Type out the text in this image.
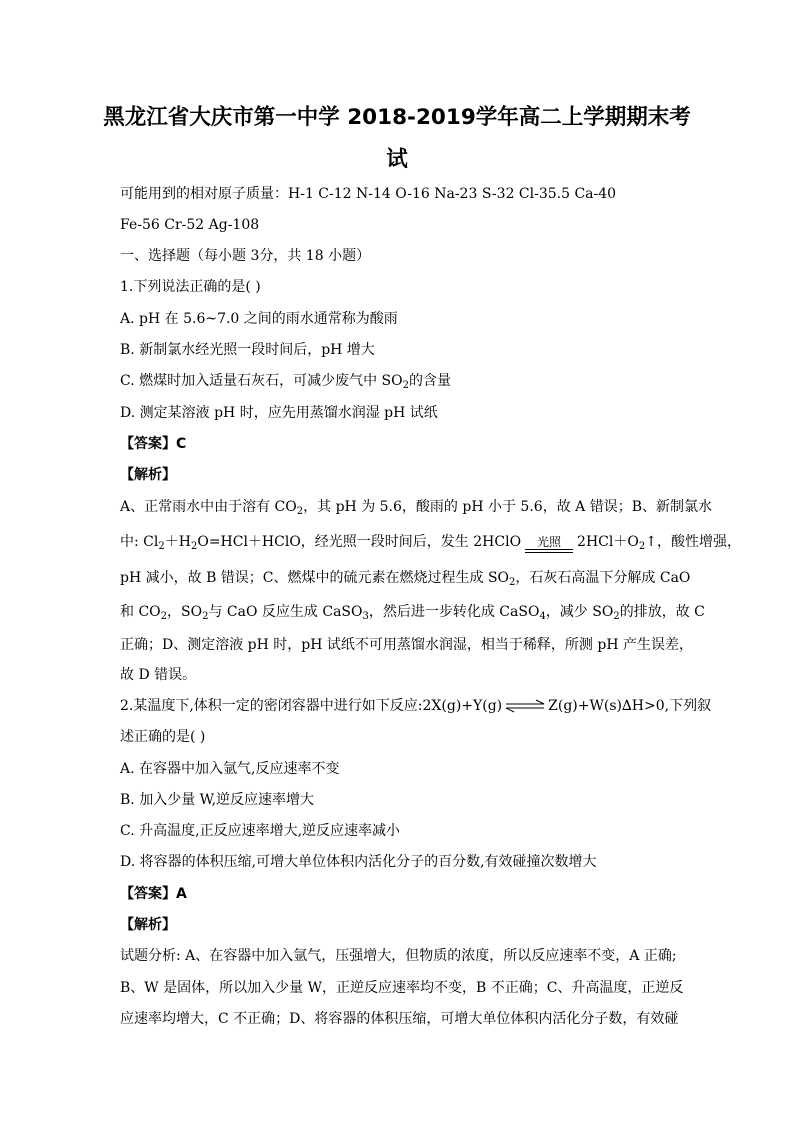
黑龙江省大庆市第一中学 2018-2019学年高二上学期期末考
试
可能用到的相对原子质量：H-1 C-12 N-14 O-16 Na-23 S-32 Cl-35.5 Ca-40
Fe-56 Cr-52 Ag-108
一、选择题（每小题 3分，共 18 小题）
1.下列说法正确的是( )
A. pH 在 5.6~7.0 之间的雨水通常称为酸雨
B. 新制氯水经光照一段时间后，pH 增大
C. 燃煤时加入适量石灰石，可减少废气中 $SO_2$的含量
D. 测定某溶液 pH 时，应先用蒸馏水润湿 pH 试纸
【答案】C
【解析】
A、正常雨水中由于溶有 $CO_2$，其 pH 为 5.6，酸雨的 pH 小于 5.6，故 A 错误；B、新制氯水
中: $Cl_2+H_2O=HCl+HClO$，经光照一段时间后，发生 2HClO 光照 $2HCl+O_2↑$，酸性增强，
pH 减小，故 B 错误；C、燃煤中的硫元素在燃烧过程生成 $SO_2$，石灰石高温下分解成 CaO
和 $CO_2$，$SO_2$与 CaO 反应生成 CaSO$_3$，然后进一步转化成 CaSO$_4$，减少 $SO_2$的排放，故 C
正确；D、测定溶液 pH 时，pH 试纸不可用蒸馏水润湿，相当于稀释，所测 pH 产生误差，
故 D 错误。
2.某温度下,体积一定的密闭容器中进行如下反应:2X(g)+Y(g) ⇌ Z(g)+W(s)∆H>0,下列叙
述正确的是( )
A. 在容器中加入氩气,反应速率不变
B. 加入少量 W,逆反应速率增大
C. 升高温度,正反应速率增大,逆反应速率减小
D. 将容器的体积压缩,可增大单位体积内活化分子的百分数,有效碰撞次数增大
【答案】A
【解析】
试题分析: A、在容器中加入氩气，压强增大，但物质的浓度，所以反应速率不变，A 正确;
B、W 是固体，所以加入少量 W，正逆反应速率均不变，B 不正确；C、升高温度，正逆反
应速率均增大，C 不正确；D、将容器的体积压缩，可增大单位体积内活化分子数，有效碰
